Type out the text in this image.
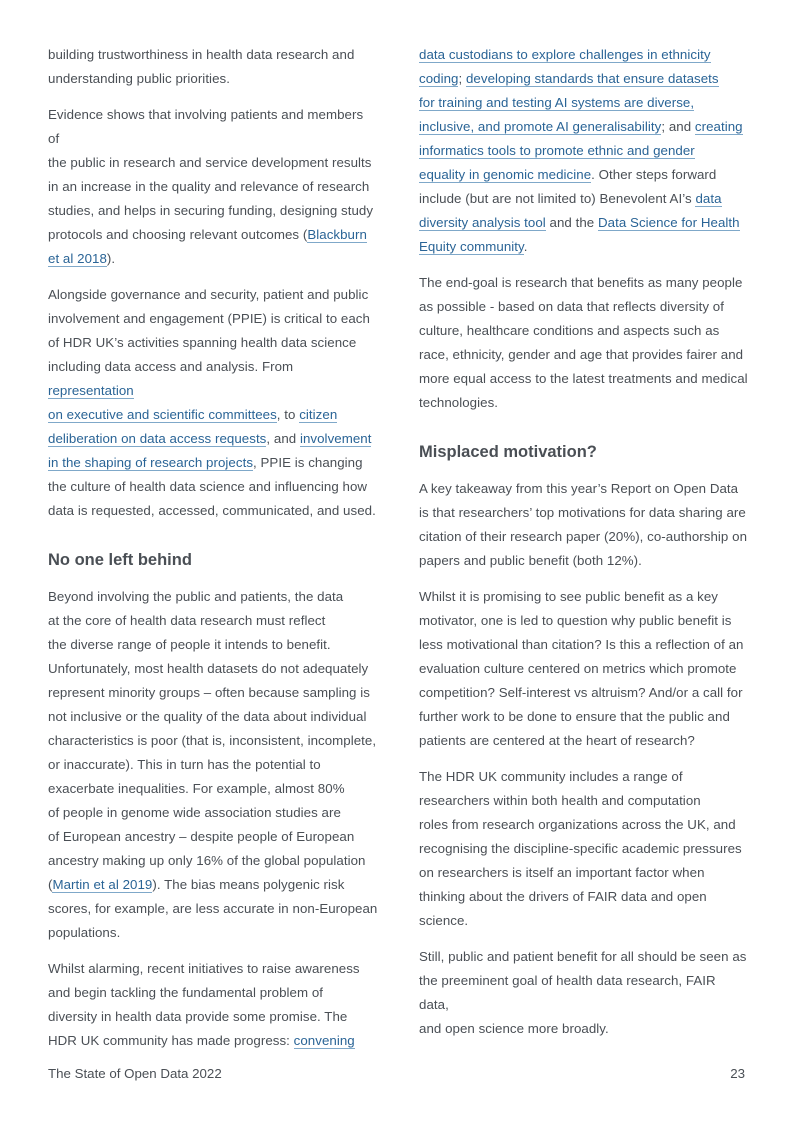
building trustworthiness in health data research and
understanding public priorities.

Evidence shows that involving patients and members of
the public in research and service development results
in an increase in the quality and relevance of research
studies, and helps in securing funding, designing study
protocols and choosing relevant outcomes (Blackburn
et al 2018).

Alongside governance and security, patient and public
involvement and engagement (PPIE) is critical to each
of HDR UK’s activities spanning health data science
including data access and analysis. From representation
on executive and scientific committees, to citizen
deliberation on data access requests, and involvement
in the shaping of research projects, PPIE is changing
the culture of health data science and influencing how
data is requested, accessed, communicated, and used.

No one left behind

Beyond involving the public and patients, the data
at the core of health data research must reflect
the diverse range of people it intends to benefit.
Unfortunately, most health datasets do not adequately
represent minority groups – often because sampling is
not inclusive or the quality of the data about individual
characteristics is poor (that is, inconsistent, incomplete,
or inaccurate). This in turn has the potential to
exacerbate inequalities. For example, almost 80%
of people in genome wide association studies are
of European ancestry – despite people of European
ancestry making up only 16% of the global population
(Martin et al 2019). The bias means polygenic risk
scores, for example, are less accurate in non-European
populations.

Whilst alarming, recent initiatives to raise awareness
and begin tackling the fundamental problem of
diversity in health data provide some promise. The
HDR UK community has made progress: convening

data custodians to explore challenges in ethnicity
coding; developing standards that ensure datasets
for training and testing AI systems are diverse,
inclusive, and promote AI generalisability; and creating
informatics tools to promote ethnic and gender
equality in genomic medicine. Other steps forward
include (but are not limited to) Benevolent AI’s data
diversity analysis tool and the Data Science for Health
Equity community.

The end-goal is research that benefits as many people
as possible - based on data that reflects diversity of
culture, healthcare conditions and aspects such as
race, ethnicity, gender and age that provides fairer and
more equal access to the latest treatments and medical
technologies.

Misplaced motivation?

A key takeaway from this year’s Report on Open Data
is that researchers’ top motivations for data sharing are
citation of their research paper (20%), co-authorship on
papers and public benefit (both 12%).

Whilst it is promising to see public benefit as a key
motivator, one is led to question why public benefit is
less motivational than citation? Is this a reflection of an
evaluation culture centered on metrics which promote
competition? Self-interest vs altruism? And/or a call for
further work to be done to ensure that the public and
patients are centered at the heart of research?

The HDR UK community includes a range of
researchers within both health and computation
roles from research organizations across the UK, and
recognising the discipline-specific academic pressures
on researchers is itself an important factor when
thinking about the drivers of FAIR data and open
science.

Still, public and patient benefit for all should be seen as
the preeminent goal of health data research, FAIR data,
and open science more broadly.

The State of Open Data 2022	23
